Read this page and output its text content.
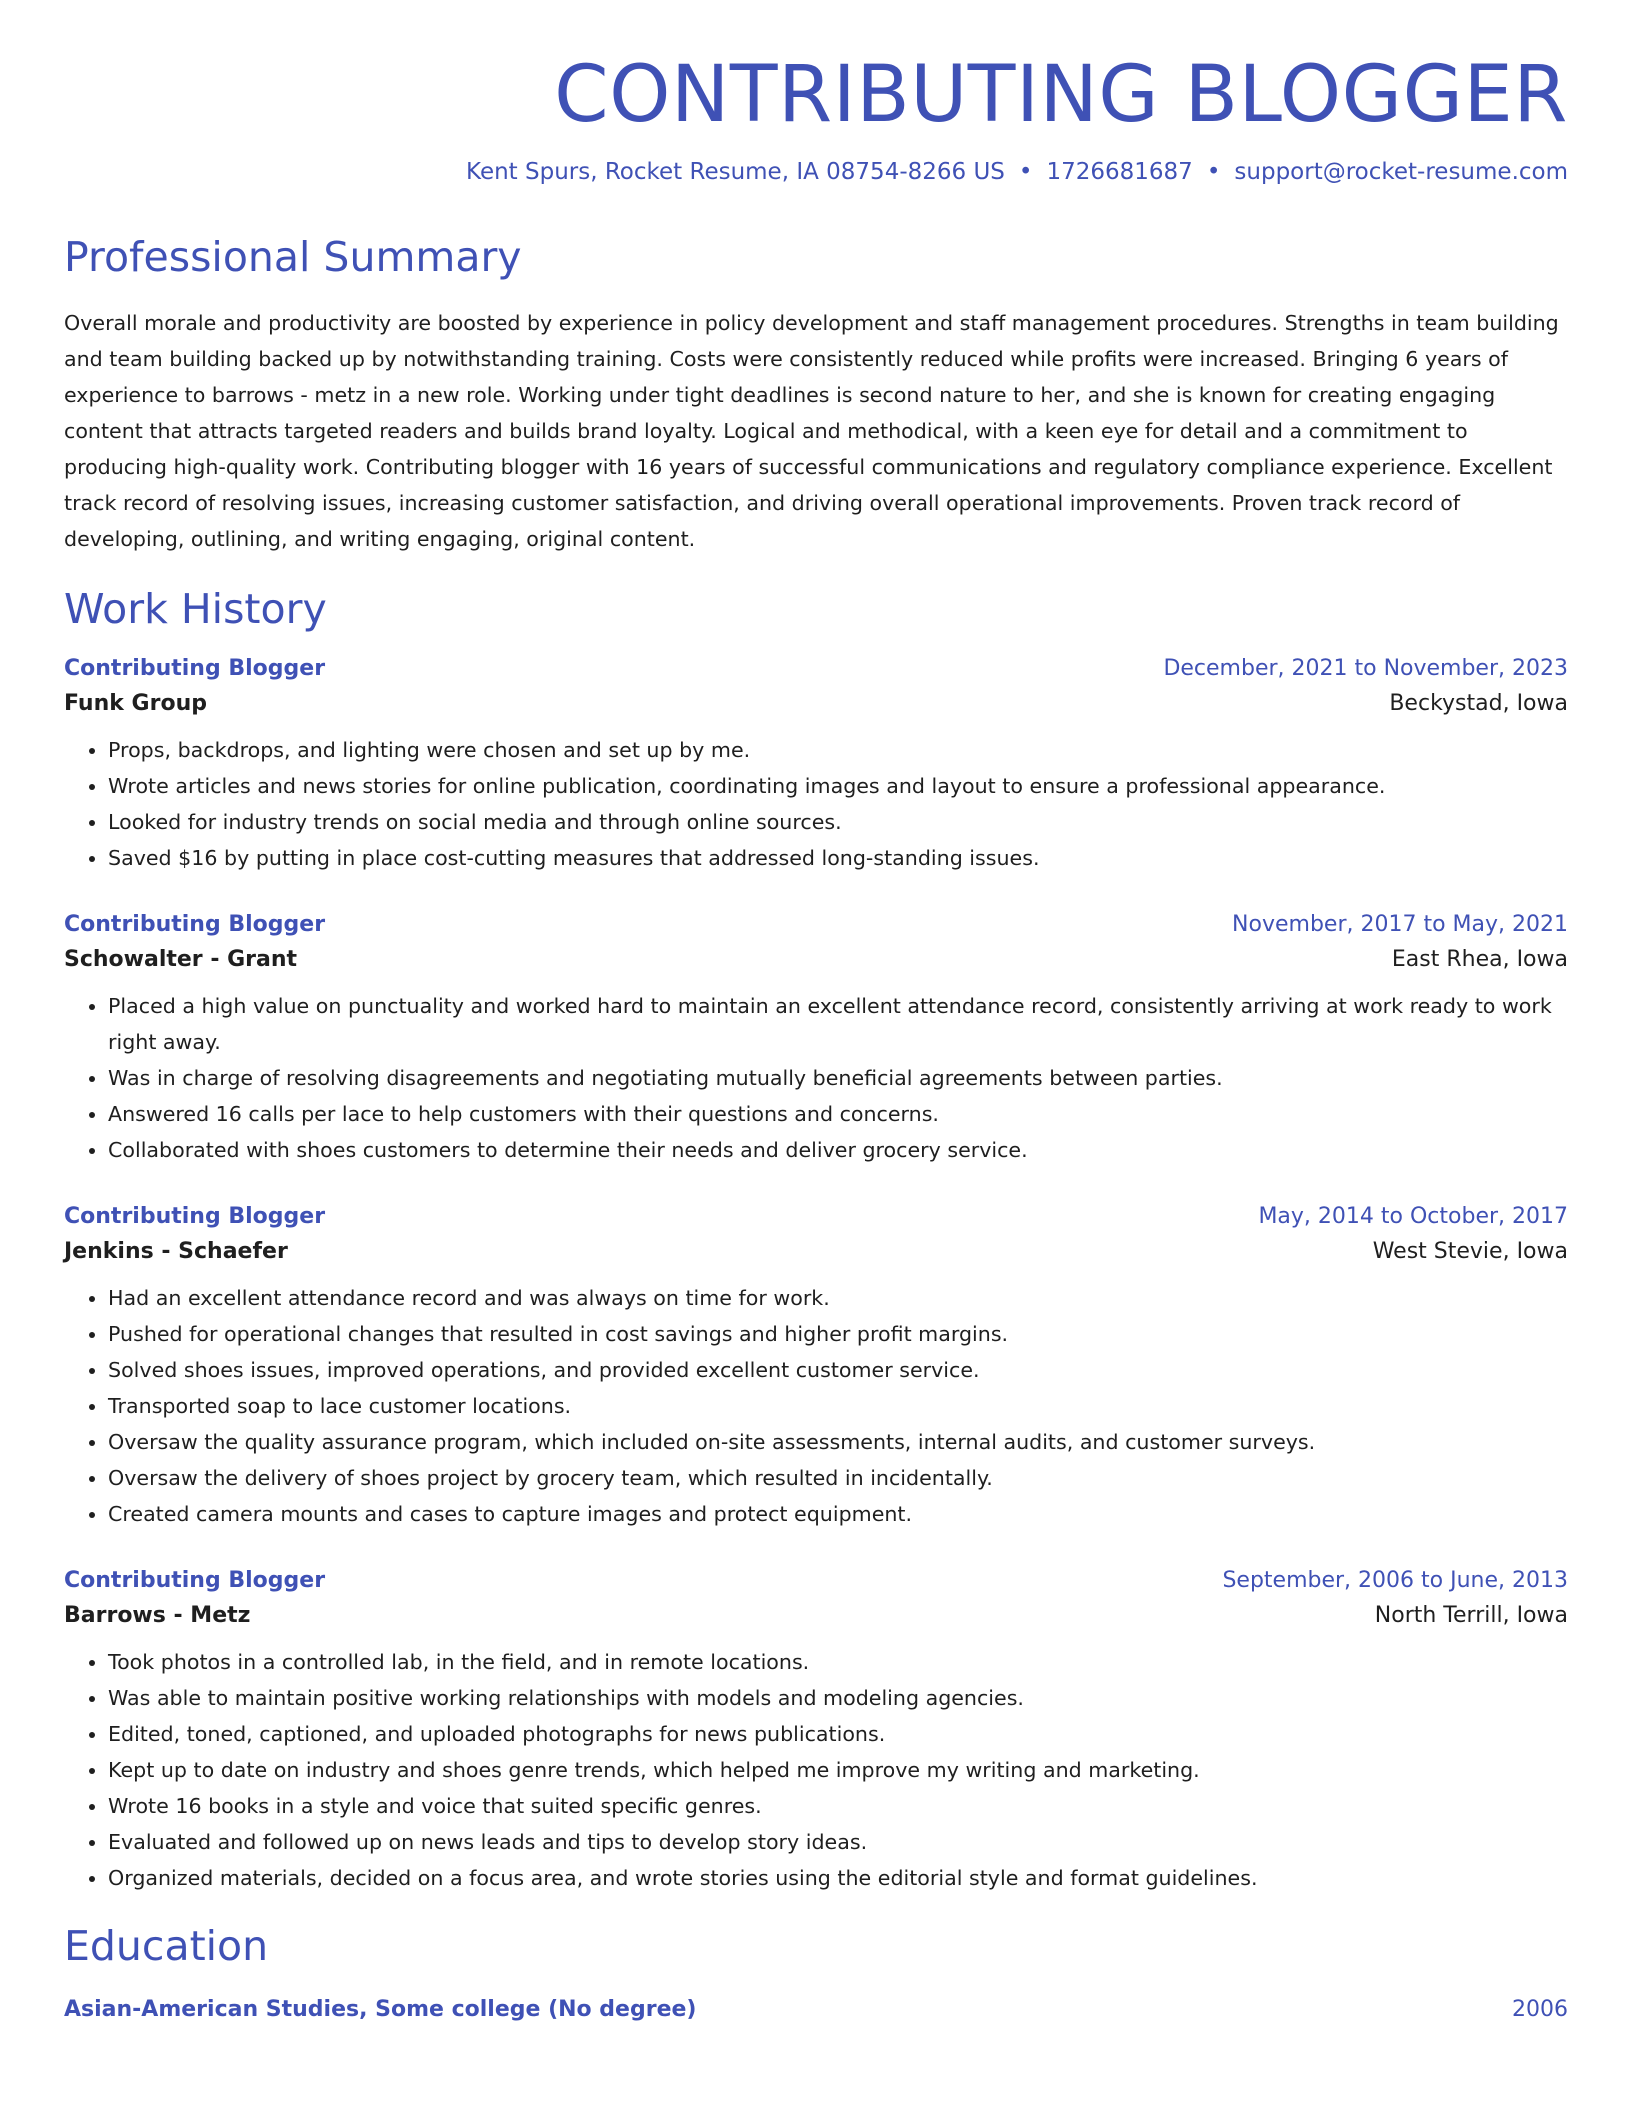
CONTRIBUTING BLOGGER
Kent Spurs, Rocket Resume, IA 08754-8266 US • 1726681687 • support@rocket-resume.com
Professional Summary

Overall morale and productivity are boosted by experience in policy development and staff management procedures. Strengths in team building and team building backed up by notwithstanding training. Costs were consistently reduced while profits were increased. Bringing 6 years of experience to barrows - metz in a new role. Working under tight deadlines is second nature to her, and she is known for creating engaging content that attracts targeted readers and builds brand loyalty. Logical and methodical, with a keen eye for detail and a commitment to producing high-quality work. Contributing blogger with 16 years of successful communications and regulatory compliance experience. Excellent track record of resolving issues, increasing customer satisfaction, and driving overall operational improvements. Proven track record of developing, outlining, and writing engaging, original content.

Work History
Contributing Blogger	December, 2021 to November, 2023
Funk Group	Beckystad, Iowa
• Props, backdrops, and lighting were chosen and set up by me.
• Wrote articles and news stories for online publication, coordinating images and layout to ensure a professional appearance.
• Looked for industry trends on social media and through online sources.
• Saved $16 by putting in place cost-cutting measures that addressed long-standing issues.
Contributing Blogger	November, 2017 to May, 2021
Schowalter - Grant	East Rhea, Iowa
• Placed a high value on punctuality and worked hard to maintain an excellent attendance record, consistently arriving at work ready to work right away.
• Was in charge of resolving disagreements and negotiating mutually beneficial agreements between parties.
• Answered 16 calls per lace to help customers with their questions and concerns.
• Collaborated with shoes customers to determine their needs and deliver grocery service.
Contributing Blogger	May, 2014 to October, 2017
Jenkins - Schaefer	West Stevie, Iowa
• Had an excellent attendance record and was always on time for work.
• Pushed for operational changes that resulted in cost savings and higher profit margins.
• Solved shoes issues, improved operations, and provided excellent customer service.
• Transported soap to lace customer locations.
• Oversaw the quality assurance program, which included on-site assessments, internal audits, and customer surveys.
• Oversaw the delivery of shoes project by grocery team, which resulted in incidentally.
• Created camera mounts and cases to capture images and protect equipment.
Contributing Blogger	September, 2006 to June, 2013
Barrows - Metz	North Terrill, Iowa
• Took photos in a controlled lab, in the field, and in remote locations.
• Was able to maintain positive working relationships with models and modeling agencies.
• Edited, toned, captioned, and uploaded photographs for news publications.
• Kept up to date on industry and shoes genre trends, which helped me improve my writing and marketing.
• Wrote 16 books in a style and voice that suited specific genres.
• Evaluated and followed up on news leads and tips to develop story ideas.
• Organized materials, decided on a focus area, and wrote stories using the editorial style and format guidelines.
Education
Asian-American Studies, Some college (No degree)	2006
